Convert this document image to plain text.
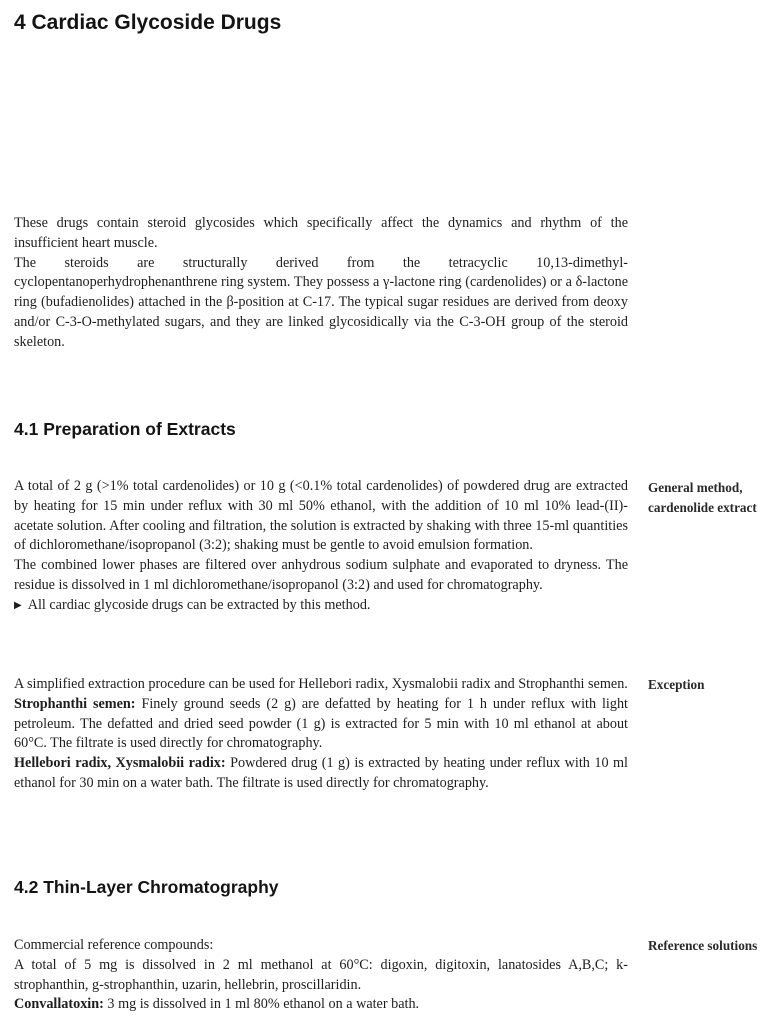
4 Cardiac Glycoside Drugs

These drugs contain steroid glycosides which specifically affect the dynamics and rhythm of the insufficient heart muscle.

The steroids are structurally derived from the tetracyclic 10,13-dimethyl-cyclopentanoperhydrophenanthrene ring system. They possess a γ-lactone ring (cardenolides) or a δ-lactone ring (bufadienolides) attached in the β-position at C-17. The typical sugar residues are derived from deoxy and/or C-3-O-methylated sugars, and they are linked glycosidically via the C-3-OH group of the steroid skeleton.

4.1 Preparation of Extracts
General method, cardenolide extract

A total of 2 g (>1% total cardenolides) or 10 g (<0.1% total cardenolides) of powdered drug are extracted by heating for 15 min under reflux with 30 ml 50% ethanol, with the addition of 10 ml 10% lead-(II)-acetate solution. After cooling and filtration, the solution is extracted by shaking with three 15-ml quantities of dichloromethane/isopropanol (3:2); shaking must be gentle to avoid emulsion formation.

The combined lower phases are filtered over anhydrous sodium sulphate and evaporated to dryness. The residue is dissolved in 1 ml dichloromethane/isopropanol (3:2) and used for chromatography.

▶ All cardiac glycoside drugs can be extracted by this method.
Exception

A simplified extraction procedure can be used for Hellebori radix, Xysmalobii radix and Strophanthi semen.

Strophanthi semen: Finely ground seeds (2 g) are defatted by heating for 1 h under reflux with light petroleum. The defatted and dried seed powder (1 g) is extracted for 5 min with 10 ml ethanol at about 60°C. The filtrate is used directly for chromatography.

Hellebori radix, Xysmalobii radix: Powdered drug (1 g) is extracted by heating under reflux with 10 ml ethanol for 30 min on a water bath. The filtrate is used directly for chromatography.

4.2 Thin-Layer Chromatography
Reference solutions

Commercial reference compounds:

A total of 5 mg is dissolved in 2 ml methanol at 60°C: digoxin, digitoxin, lanatosides A,B,C; k-strophanthin, g-strophanthin, uzarin, hellebrin, proscillaridin.

Convallatoxin: 3 mg is dissolved in 1 ml 80% ethanol on a water bath.
